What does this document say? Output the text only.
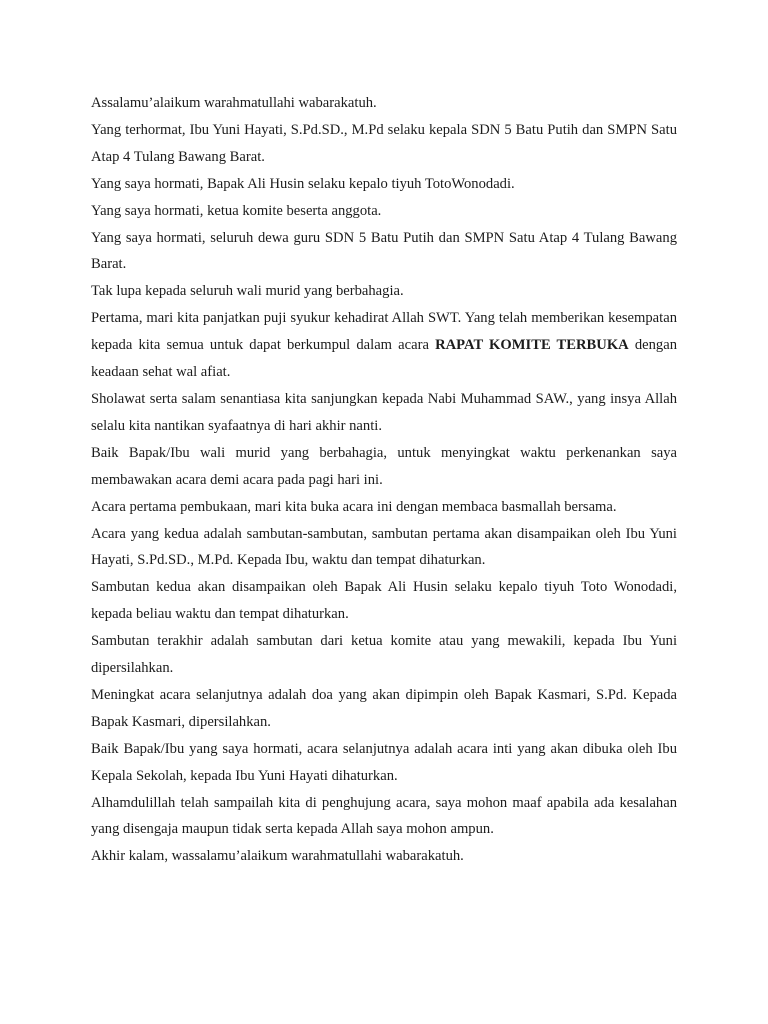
Assalamu’alaikum warahmatullahi wabarakatuh.

Yang terhormat, Ibu Yuni Hayati, S.Pd.SD., M.Pd selaku kepala SDN 5 Batu Putih dan SMPN Satu Atap 4 Tulang Bawang Barat.

Yang saya hormati, Bapak Ali Husin selaku kepalo tiyuh TotoWonodadi.

Yang saya hormati, ketua komite beserta anggota.

Yang saya hormati, seluruh dewa guru SDN 5 Batu Putih dan SMPN Satu Atap 4 Tulang Bawang Barat.

Tak lupa kepada seluruh wali murid yang berbahagia.

Pertama, mari kita panjatkan puji syukur kehadirat Allah SWT. Yang telah memberikan kesempatan kepada kita semua untuk dapat berkumpul dalam acara RAPAT KOMITE TERBUKA dengan keadaan sehat wal afiat.

Sholawat serta salam senantiasa kita sanjungkan kepada Nabi Muhammad SAW., yang insya Allah selalu kita nantikan syafaatnya di hari akhir nanti.

Baik Bapak/Ibu wali murid yang berbahagia, untuk menyingkat waktu perkenankan saya membawakan acara demi acara pada pagi hari ini.

Acara pertama pembukaan, mari kita buka acara ini dengan membaca basmallah bersama.

Acara yang kedua adalah sambutan-sambutan, sambutan pertama akan disampaikan oleh Ibu Yuni Hayati, S.Pd.SD., M.Pd. Kepada Ibu, waktu dan tempat dihaturkan.

Sambutan kedua akan disampaikan oleh Bapak Ali Husin selaku kepalo tiyuh Toto Wonodadi, kepada beliau waktu dan tempat dihaturkan.

Sambutan terakhir adalah sambutan dari ketua komite atau yang mewakili, kepada Ibu Yuni dipersilahkan.

Meningkat acara selanjutnya adalah doa yang akan dipimpin oleh Bapak Kasmari, S.Pd. Kepada Bapak Kasmari, dipersilahkan.

Baik Bapak/Ibu yang saya hormati, acara selanjutnya adalah acara inti yang akan dibuka oleh Ibu Kepala Sekolah, kepada Ibu Yuni Hayati dihaturkan.

Alhamdulillah telah sampailah kita di penghujung acara, saya mohon maaf apabila ada kesalahan yang disengaja maupun tidak serta kepada Allah saya mohon ampun.

Akhir kalam, wassalamu’alaikum warahmatullahi wabarakatuh.
